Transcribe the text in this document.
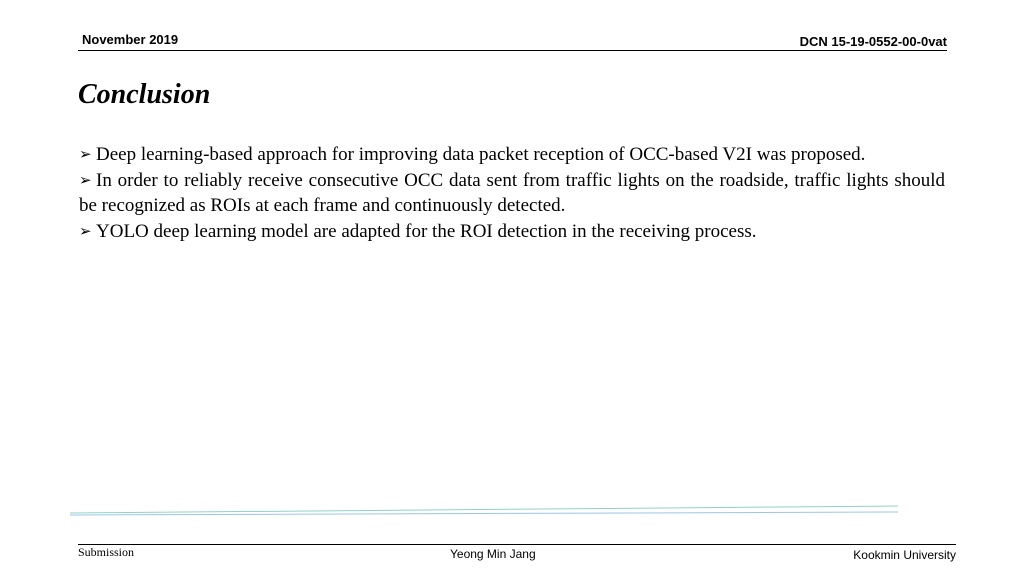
November 2019	DCN 15-19-0552-00-0vat
Conclusion

➢ Deep learning-based approach for improving data packet reception of OCC-based V2I was proposed.

➢ In order to reliably receive consecutive OCC data sent from traffic lights on the roadside, traffic lights should be recognized as ROIs at each frame and continuously detected.

➢ YOLO deep learning model are adapted for the ROI detection in the receiving process.

Submission	Yeong Min Jang	Kookmin University
